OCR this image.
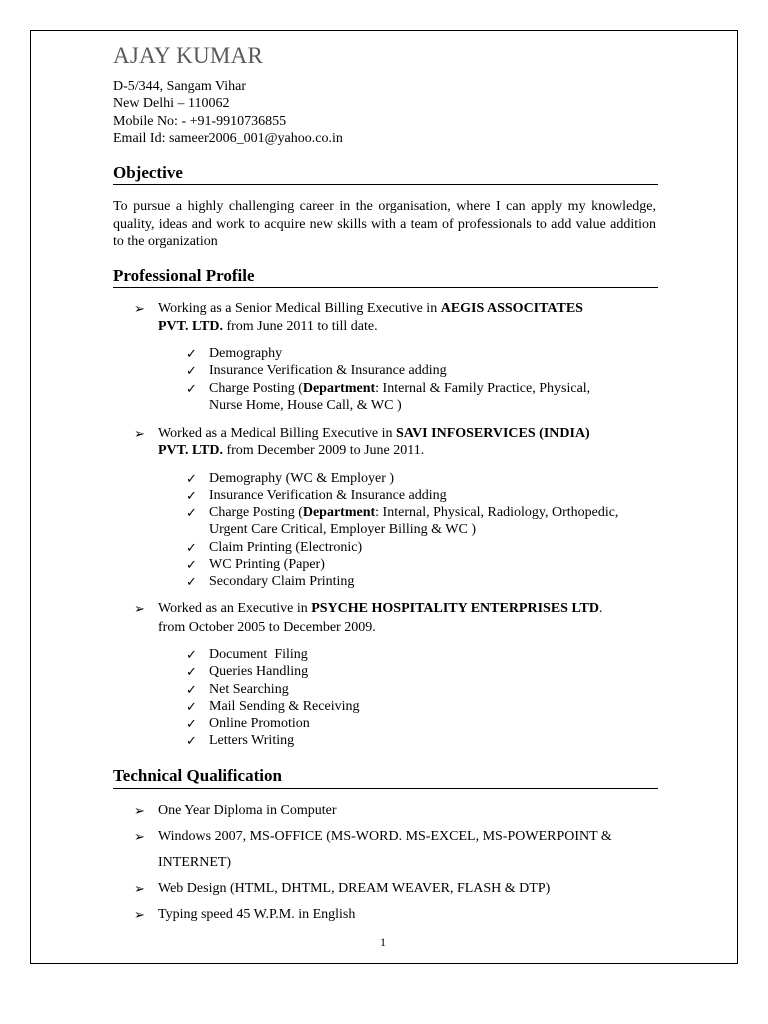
AJAY KUMAR
D-5/344, Sangam Vihar
New Delhi – 110062
Mobile No: - +91-9910736855
Email Id: sameer2006_001@yahoo.co.in
Objective
To pursue a highly challenging career in the organisation, where I can apply my knowledge, quality, ideas and work to acquire new skills with a team of professionals to add value addition to the organization
Professional Profile
➢ Working as a Senior Medical Billing Executive in AEGIS ASSOCITATES
PVT. LTD. from June 2011 to till date.
✓ Demography
✓ Insurance Verification & Insurance adding
✓ Charge Posting (Department: Internal & Family Practice, Physical,
Nurse Home, House Call, & WC )
➢ Worked as a Medical Billing Executive in SAVI INFOSERVICES (INDIA)
PVT. LTD. from December 2009 to June 2011.
✓ Demography (WC & Employer )
✓ Insurance Verification & Insurance adding
✓ Charge Posting (Department: Internal, Physical, Radiology, Orthopedic,
Urgent Care Critical, Employer Billing & WC )
✓ Claim Printing (Electronic)
✓ WC Printing (Paper)
✓ Secondary Claim Printing
➢ Worked as an Executive in PSYCHE HOSPITALITY ENTERPRISES LTD.
from October 2005 to December 2009.
✓ Document  Filing
✓ Queries Handling
✓ Net Searching
✓ Mail Sending & Receiving
✓ Online Promotion
✓ Letters Writing
Technical Qualification
➢ One Year Diploma in Computer
➢ Windows 2007, MS-OFFICE (MS-WORD. MS-EXCEL, MS-POWERPOINT &
INTERNET)
➢ Web Design (HTML, DHTML, DREAM WEAVER, FLASH & DTP)
➢ Typing speed 45 W.P.M. in English
1
